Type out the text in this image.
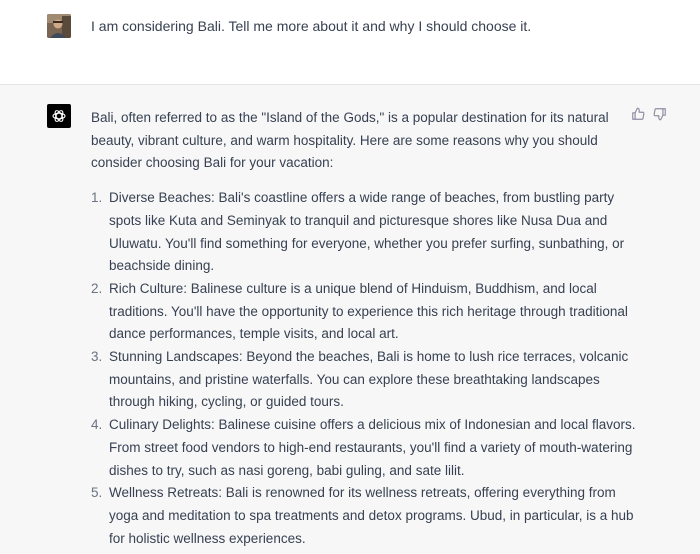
I am considering Bali. Tell me more about it and why I should choose it.

Bali, often referred to as the "Island of the Gods," is a popular destination for its natural
beauty, vibrant culture, and warm hospitality. Here are some reasons why you should
consider choosing Bali for your vacation:

1. Diverse Beaches: Bali's coastline offers a wide range of beaches, from bustling party
spots like Kuta and Seminyak to tranquil and picturesque shores like Nusa Dua and
Uluwatu. You'll find something for everyone, whether you prefer surfing, sunbathing, or
beachside dining.
2. Rich Culture: Balinese culture is a unique blend of Hinduism, Buddhism, and local
traditions. You'll have the opportunity to experience this rich heritage through traditional
dance performances, temple visits, and local art.
3. Stunning Landscapes: Beyond the beaches, Bali is home to lush rice terraces, volcanic
mountains, and pristine waterfalls. You can explore these breathtaking landscapes
through hiking, cycling, or guided tours.
4. Culinary Delights: Balinese cuisine offers a delicious mix of Indonesian and local flavors.
From street food vendors to high-end restaurants, you'll find a variety of mouth-watering
dishes to try, such as nasi goreng, babi guling, and sate lilit.
5. Wellness Retreats: Bali is renowned for its wellness retreats, offering everything from
yoga and meditation to spa treatments and detox programs. Ubud, in particular, is a hub
for holistic wellness experiences.
